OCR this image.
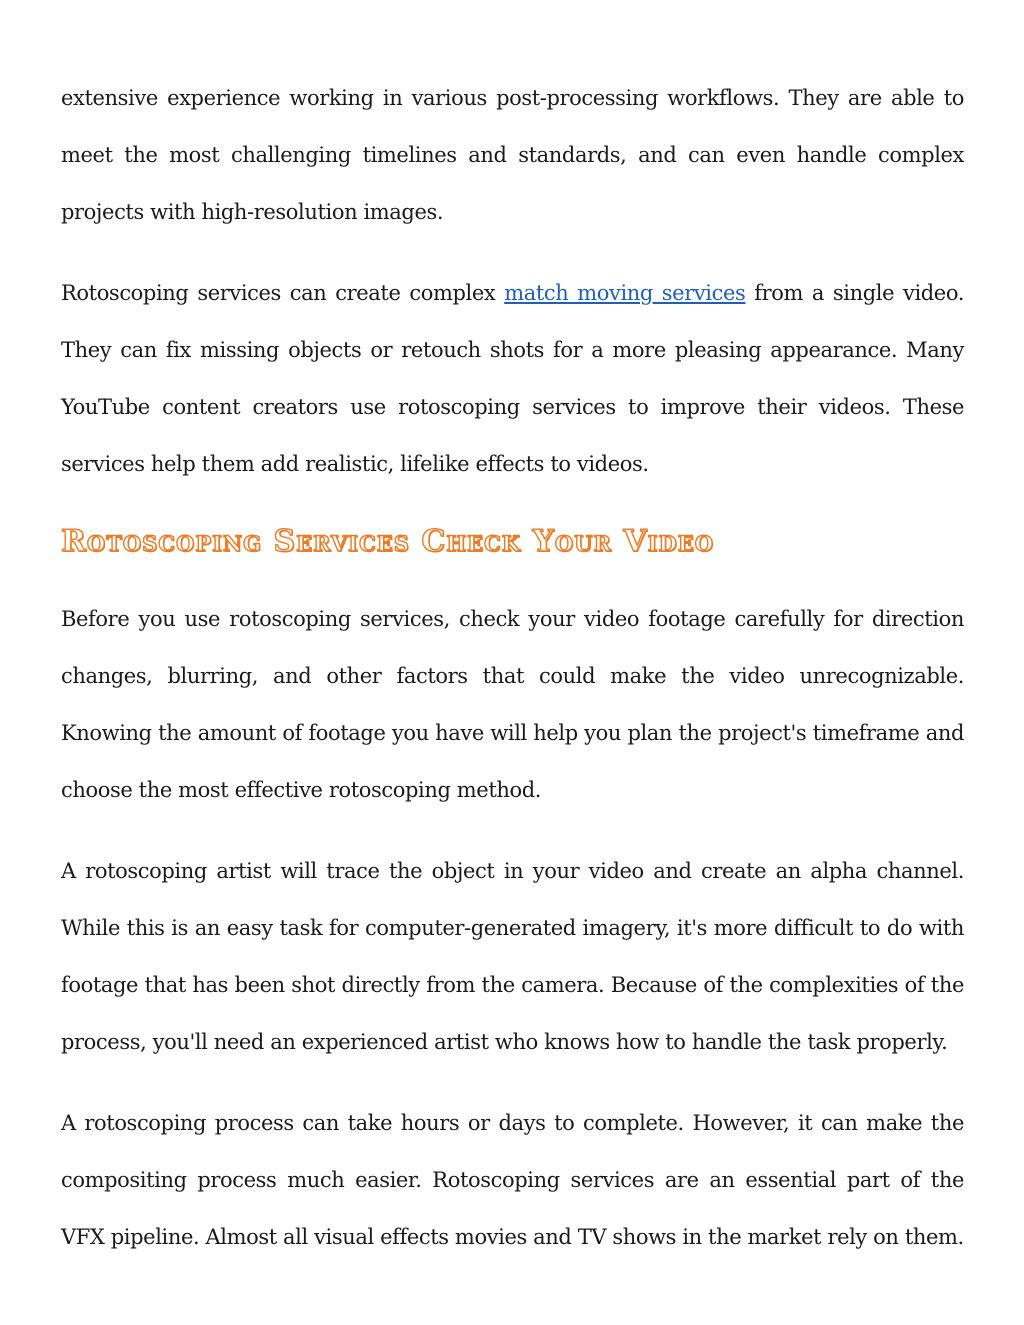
extensive experience working in various post-processing workflows. They are able to meet the most challenging timelines and standards, and can even handle complex projects with high-resolution images.

Rotoscoping services can create complex match moving services from a single video. They can fix missing objects or retouch shots for a more pleasing appearance. Many YouTube content creators use rotoscoping services to improve their videos. These services help them add realistic, lifelike effects to videos.

Rotoscoping Services Check Your Video

Before you use rotoscoping services, check your video footage carefully for direction changes, blurring, and other factors that could make the video unrecognizable. Knowing the amount of footage you have will help you plan the project's timeframe and choose the most effective rotoscoping method.

A rotoscoping artist will trace the object in your video and create an alpha channel. While this is an easy task for computer-generated imagery, it's more difficult to do with footage that has been shot directly from the camera. Because of the complexities of the process, you'll need an experienced artist who knows how to handle the task properly.

A rotoscoping process can take hours or days to complete. However, it can make the compositing process much easier. Rotoscoping services are an essential part of the VFX pipeline. Almost all visual effects movies and TV shows in the market rely on them.
